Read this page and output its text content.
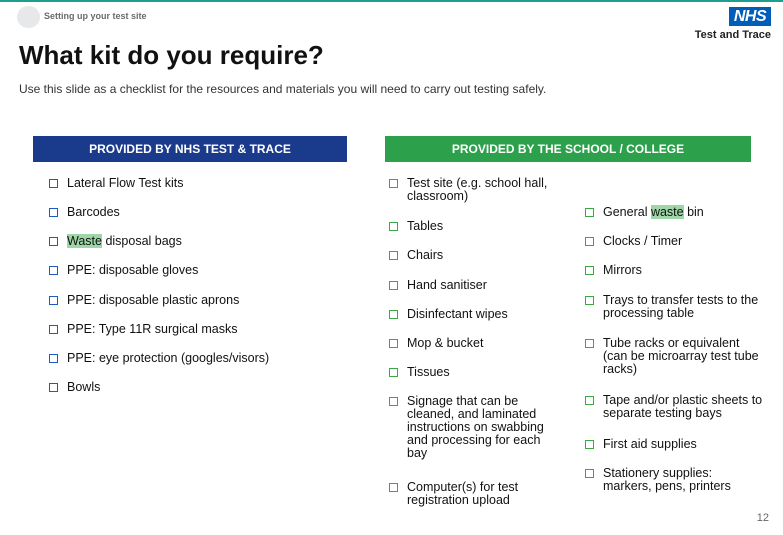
Setting up your test site	NHS
Test and Trace
What kit do you require?

Use this slide as a checklist for the resources and materials you will need to carry out testing safely.

PROVIDED BY NHS TEST & TRACE	PROVIDED BY THE SCHOOL / COLLEGE
Lateral Flow Test kits
Barcodes
Waste disposal bags
PPE: disposable gloves
PPE: disposable plastic aprons
PPE: Type 11R surgical masks
PPE: eye protection (googles/visors)
Bowls
Test site (e.g. school hall, classroom)
Tables
Chairs
Hand sanitiser
Disinfectant wipes
Mop & bucket
Tissues
Signage that can be cleaned, and laminated instructions on swabbing and processing for each bay
Computer(s) for test registration upload
General waste bin
Clocks / Timer
Mirrors
Trays to transfer tests to the processing table
Tube racks or equivalent (can be microarray test tube racks)
Tape and/or plastic sheets to separate testing bays
First aid supplies
Stationery supplies: markers, pens, printers
12
